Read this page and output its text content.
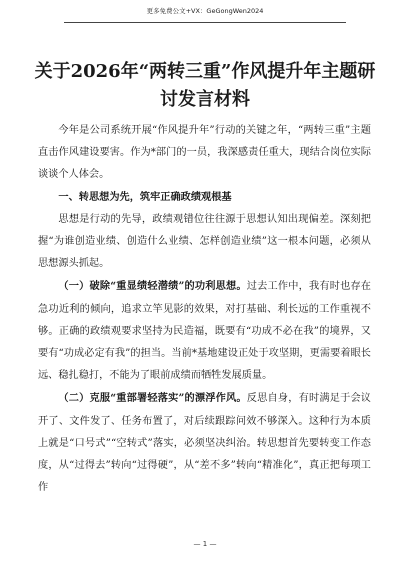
更多免费公文+VX：GeGongWen2024
关于2026年“两转三重”作风提升年主题研讨发言材料

今年是公司系统开展“作风提升年”行动的关键之年，“两转三重”主题直击作风建设要害。作为*部门的一员，我深感责任重大，现结合岗位实际谈谈个人体会。

一、转思想为先，筑牢正确政绩观根基

思想是行动的先导，政绩观错位往往源于思想认知出现偏差。深刻把握“为谁创造业绩、创造什么业绩、怎样创造业绩”这一根本问题，必须从思想源头抓起。

（一）破除“重显绩轻潜绩”的功利思想。过去工作中，我有时也存在急功近利的倾向，追求立竿见影的效果，对打基础、利长远的工作重视不够。正确的政绩观要求坚持为民造福，既要有“功成不必在我”的境界，又要有“功成必定有我”的担当。当前*基地建设正处于攻坚期，更需要着眼长远、稳扎稳打，不能为了眼前成绩而牺牲发展质量。

（二）克服“重部署轻落实”的漂浮作风。反思自身，有时满足于会议开了、文件发了、任务布置了，对后续跟踪问效不够深入。这种行为本质上就是“口号式”“空转式”落实，必须坚决纠治。转思想首先要转变工作态度，从“过得去”转向“过得硬”，从“差不多”转向“精准化”，真正把每项工作

— 1 —
